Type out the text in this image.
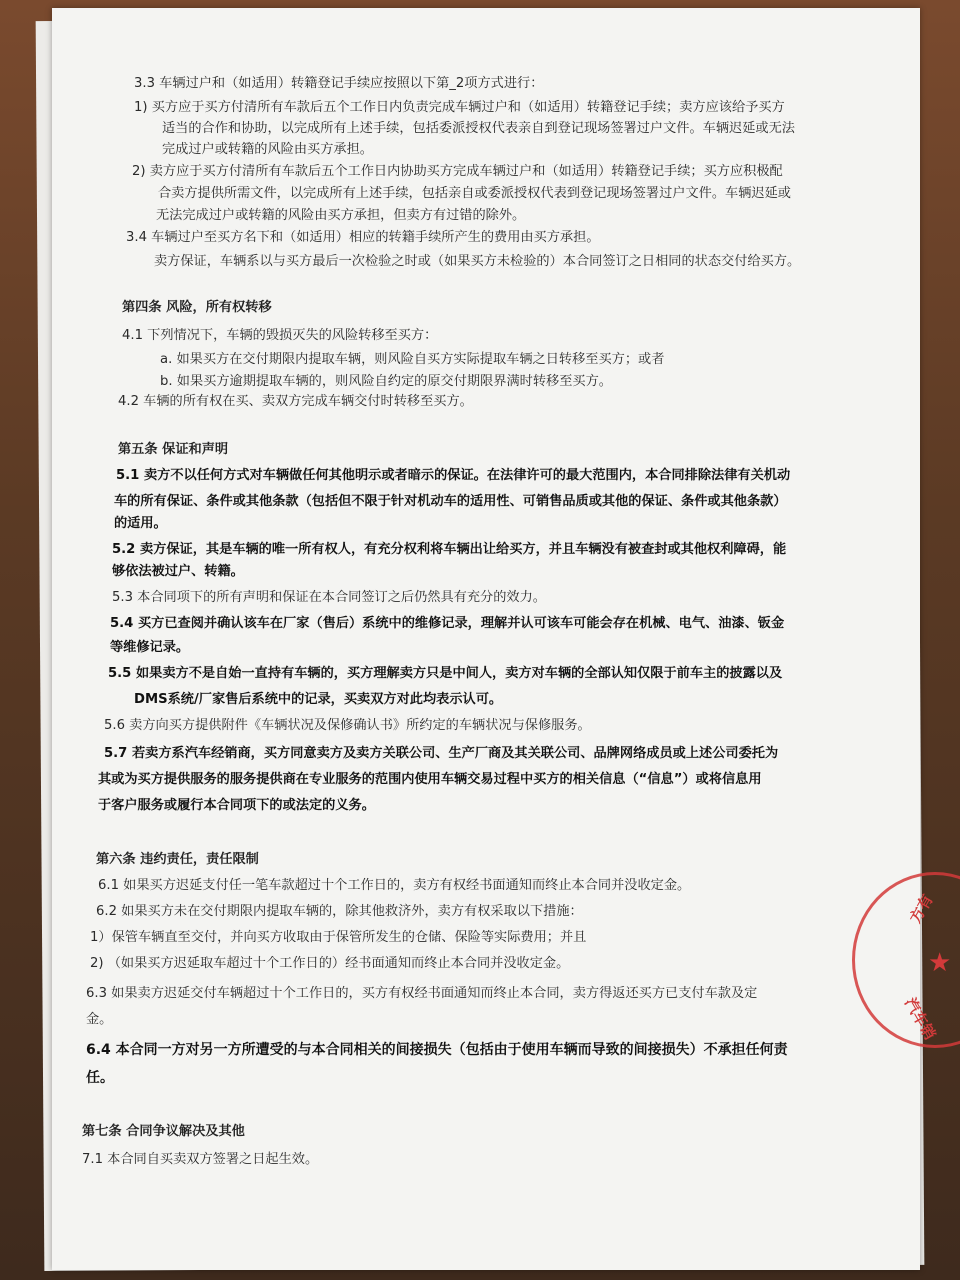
3.3 车辆过户和（如适用）转籍登记手续应按照以下第_2项方式进行：
1) 买方应于买方付清所有车款后五个工作日内负责完成车辆过户和（如适用）转籍登记手续；卖方应该给予买方
适当的合作和协助，以完成所有上述手续，包括委派授权代表亲自到登记现场签署过户文件。车辆迟延或无法
完成过户或转籍的风险由买方承担。
2) 卖方应于买方付清所有车款后五个工作日内协助买方完成车辆过户和（如适用）转籍登记手续；买方应积极配
合卖方提供所需文件，以完成所有上述手续，包括亲自或委派授权代表到登记现场签署过户文件。车辆迟延或
无法完成过户或转籍的风险由买方承担，但卖方有过错的除外。
3.4 车辆过户至买方名下和（如适用）相应的转籍手续所产生的费用由买方承担。
卖方保证，车辆系以与买方最后一次检验之时或（如果买方未检验的）本合同签订之日相同的状态交付给买方。
第四条 风险，所有权转移
4.1 下列情况下，车辆的毁损灭失的风险转移至买方：
a. 如果买方在交付期限内提取车辆，则风险自买方实际提取车辆之日转移至买方；或者
b. 如果买方逾期提取车辆的，则风险自约定的原交付期限界满时转移至买方。
4.2 车辆的所有权在买、卖双方完成车辆交付时转移至买方。
第五条 保证和声明
5.1 卖方不以任何方式对车辆做任何其他明示或者暗示的保证。在法律许可的最大范围内，本合同排除法律有关机动
车的所有保证、条件或其他条款（包括但不限于针对机动车的适用性、可销售品质或其他的保证、条件或其他条款）
的适用。
5.2 卖方保证，其是车辆的唯一所有权人，有充分权利将车辆出让给买方，并且车辆没有被查封或其他权利障碍，能
够依法被过户、转籍。
5.3 本合同项下的所有声明和保证在本合同签订之后仍然具有充分的效力。
5.4 买方已查阅并确认该车在厂家（售后）系统中的维修记录，理解并认可该车可能会存在机械、电气、油漆、钣金
等维修记录。
5.5 如果卖方不是自始一直持有车辆的，买方理解卖方只是中间人，卖方对车辆的全部认知仅限于前车主的披露以及
DMS系统/厂家售后系统中的记录，买卖双方对此均表示认可。
5.6 卖方向买方提供附件《车辆状况及保修确认书》所约定的车辆状况与保修服务。
5.7 若卖方系汽车经销商，买方同意卖方及卖方关联公司、生产厂商及其关联公司、品牌网络成员或上述公司委托为
其或为买方提供服务的服务提供商在专业服务的范围内使用车辆交易过程中买方的相关信息（“信息”）或将信息用
于客户服务或履行本合同项下的或法定的义务。
第六条 违约责任，责任限制
6.1 如果买方迟延支付任一笔车款超过十个工作日的，卖方有权经书面通知而终止本合同并没收定金。
6.2 如果买方未在交付期限内提取车辆的，除其他救济外，卖方有权采取以下措施：
1）保管车辆直至交付，并向买方收取由于保管所发生的仓储、保险等实际费用；并且
2) （如果买方迟延取车超过十个工作日的）经书面通知而终止本合同并没收定金。
6.3 如果卖方迟延交付车辆超过十个工作日的，买方有权经书面通知而终止本合同，卖方得返还买方已支付车款及定
金。
6.4 本合同一方对另一方所遭受的与本合同相关的间接损失（包括由于使用车辆而导致的间接损失）不承担任何责
任。
第七条 合同争议解决及其他
7.1 本合同自买卖双方签署之日起生效。
★
方有
汽车销
